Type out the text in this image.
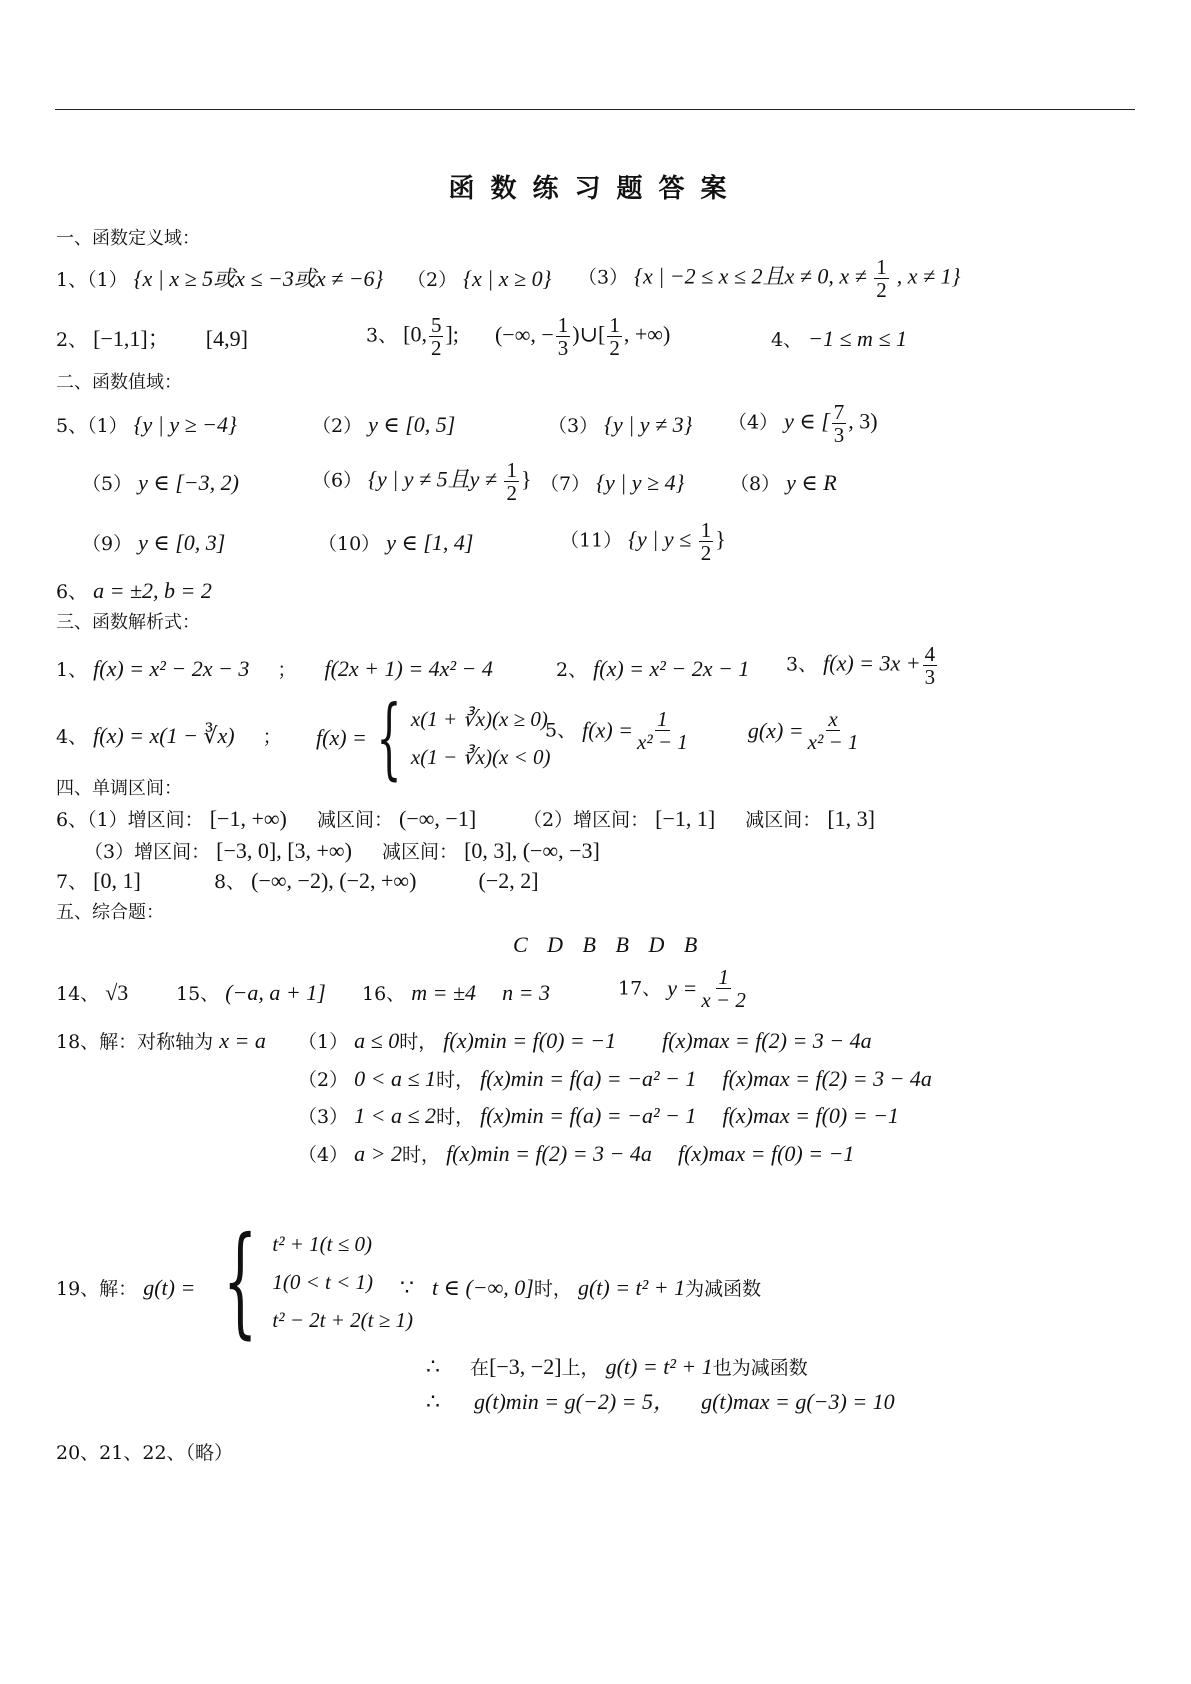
函数练习题答案
一、函数定义域：
1、（1） {x | x ≥ 5或x ≤ −3或x ≠ −6} （2） {x | x ≥ 0} （3） {x | −2 ≤ x ≤ 2且x ≠ 0, $x \ne \frac{1}{2}$ , x ≠ 1}
2、 [−1,1]； [4,9]	3、 [0, $\frac{5}{2}$ ]; (−∞, − $\frac{1}{3}$ )∪[ $\frac{1}{2}$ , +∞)	4、 −1 ≤ m ≤ 1
二、函数值域：
5、（1） {y | y ≥ −4}	（2） y ∈ [0, 5]	（3） {y | y ≠ 3} （4） y ∈ [ $\frac{7}{3}$ , 3)
（5） y ∈ [−3, 2)	（6） {y | y ≠ 5且$y \ne \frac{1}{2}$ } （7） {y | y ≥ 4} （8） y ∈ R
（9） y ∈ [0, 3]	（10） y ∈ [1, 4]	（11） {y | $y \le \frac{1}{2}$ }
6、 a = ±2, b = 2
三、函数解析式：
1、 f(x) = x² − 2x − 3 ； f(2x + 1) = 4x² − 4	2、 f(x) = x² − 2x − 1 3、 $f(x) = 3x + \frac{4}{3}$
4、 f(x) = x(1 − ∛x) ； f(x) = { x(1 + ∛x)(x ≥ 0)
x(1 − ∛x)(x < 0)
5、 $f(x) = \frac{1}{\text{x² − 1}}$	$g(x) = \frac{x}{\text{x² − 1}}$
四、单调区间：
6、（1）增区间： [−1, +∞) 减区间： (−∞, −1] （2）增区间： [−1, 1] 减区间： [1, 3]
（3）增区间： [−3, 0], [3, +∞) 减区间： [0, 3], (−∞, −3]
7、 [0, 1]	8、 (−∞, −2), (−2, +∞)	(−2, 2]
五、综合题：
C D B B D B
14、 √3	15、 (−a, a + 1] 16、 m = ±4 n = 3	17、 $y = \frac{1}{x - 2}$
18、解：对称轴为 x = a （1） a ≤ 0时， f(x)min = f(0) = −1 f(x)max = f(2) = 3 − 4a
（2） 0 < a ≤ 1时， f(x)min = f(a) = −a² − 1 f(x)max = f(2) = 3 − 4a
（3） 1 < a ≤ 2时， f(x)min = f(a) = −a² − 1 f(x)max = f(0) = −1
（4） a > 2时， f(x)min = f(2) = 3 − 4a f(x)max = f(0) = −1
19、解： g(t) = { t² + 1(t ≤ 0)
1(0 < t < 1)
t² − 2t + 2(t ≥ 1)
∵ t ∈ (−∞, 0]时， g(t) = t² + 1为减函数
∴ 在[−3, −2]上， g(t) = t² + 1也为减函数
∴ g(t)min = g(−2) = 5， g(t)max = g(−3) = 10
20、21、22、（略）
